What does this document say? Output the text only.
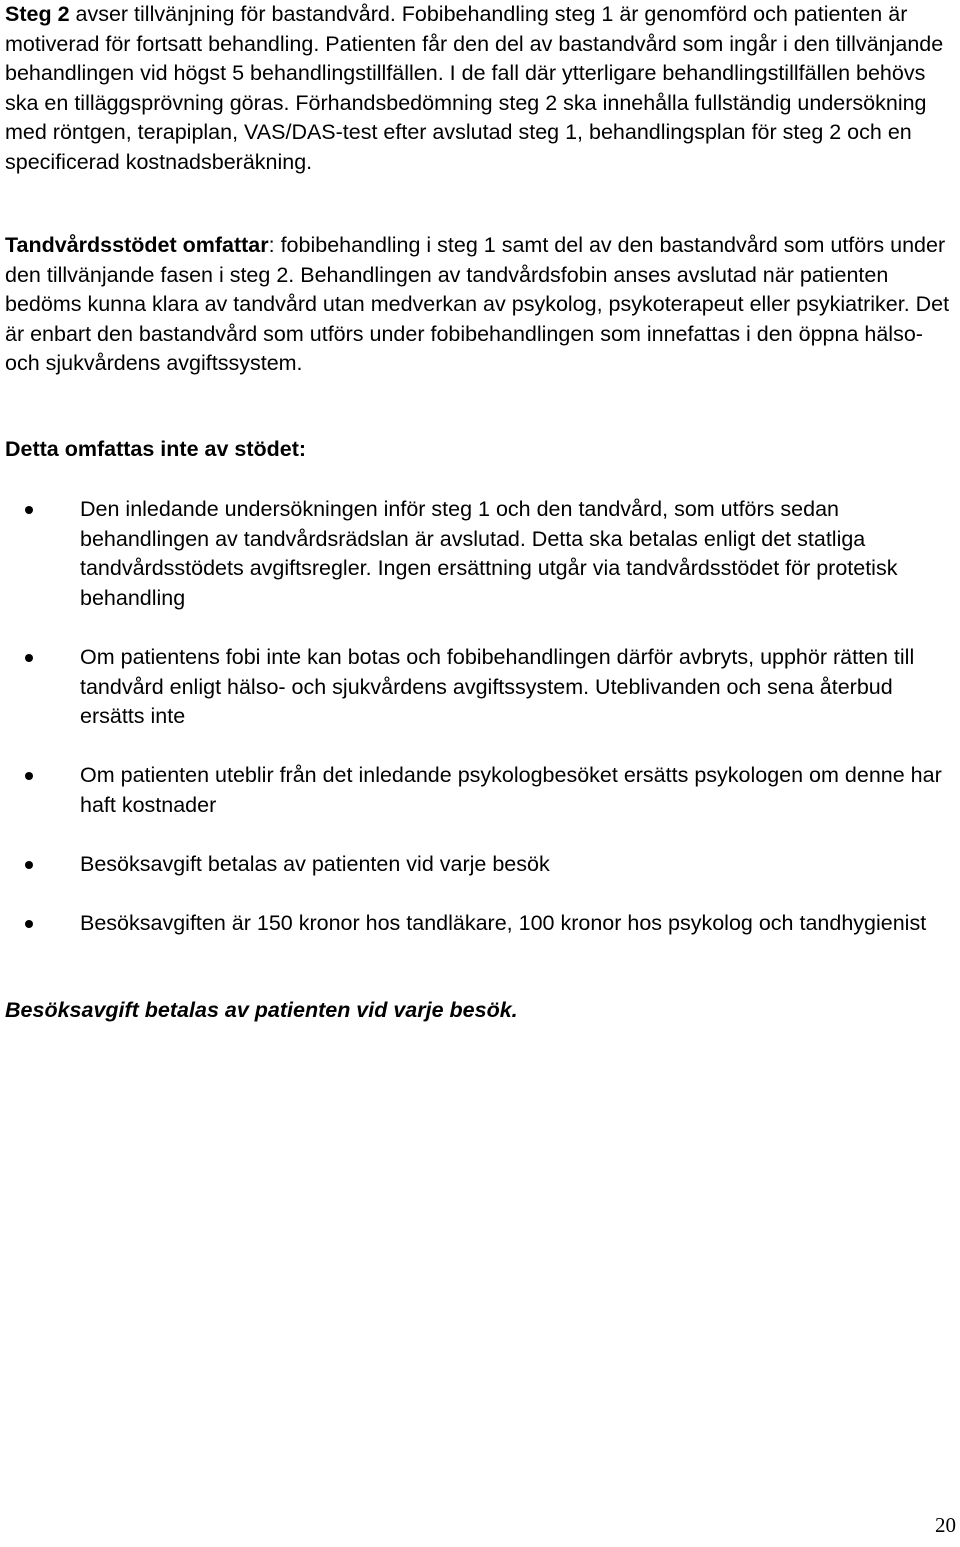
Steg 2 avser tillvänjning för bastandvård. Fobibehandling steg 1 är genomförd och patienten är motiverad för fortsatt behandling. Patienten får den del av bastandvård som ingår i den tillvänjande behandlingen vid högst 5 behandlingstillfällen. I de fall där ytterligare behandlingstillfällen behövs ska en tilläggsprövning göras. Förhandsbedömning steg 2 ska innehålla fullständig undersökning med röntgen, terapiplan, VAS/DAS-test efter avslutad steg 1, behandlingsplan för steg 2 och en specificerad kostnadsberäkning.

Tandvårdsstödet omfattar: fobibehandling i steg 1 samt del av den bastandvård som utförs under den tillvänjande fasen i steg 2. Behandlingen av tandvårdsfobin anses avslutad när patienten bedöms kunna klara av tandvård utan medverkan av psykolog, psykoterapeut eller psykiatriker. Det är enbart den bastandvård som utförs under fobibehandlingen som innefattas i den öppna hälso- och sjukvårdens avgiftssystem.

Detta omfattas inte av stödet:

Den inledande undersökningen inför steg 1 och den tandvård, som utförs sedan behandlingen av tandvårdsrädslan är avslutad. Detta ska betalas enligt det statliga tandvårdsstödets avgiftsregler. Ingen ersättning utgår via tandvårdsstödet för protetisk behandling
Om patientens fobi inte kan botas och fobibehandlingen därför avbryts, upphör rätten till tandvård enligt hälso- och sjukvårdens avgiftssystem. Uteblivanden och sena återbud ersätts inte
Om patienten uteblir från det inledande psykologbesöket ersätts psykologen om denne har haft kostnader
Besöksavgift betalas av patienten vid varje besök
Besöksavgiften är 150 kronor hos tandläkare, 100 kronor hos psykolog och tandhygienist

Besöksavgift betalas av patienten vid varje besök.

20
